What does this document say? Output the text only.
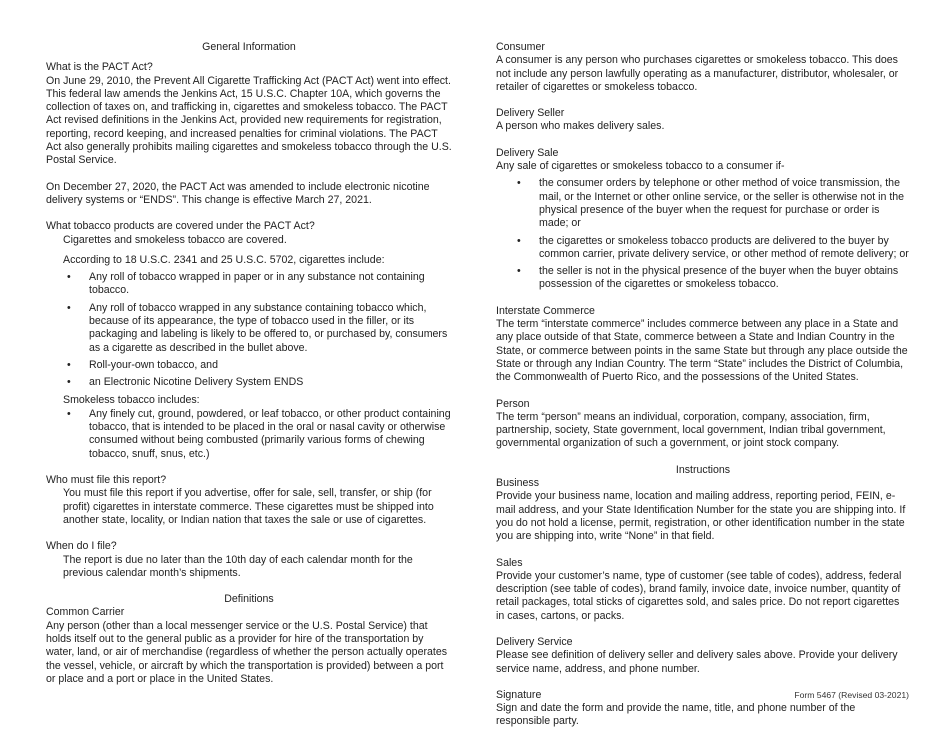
General Information
What is the PACT Act?
On June 29, 2010, the Prevent All Cigarette Trafficking Act (PACT Act) went into effect. This federal law amends the Jenkins Act, 15 U.S.C. Chapter 10A, which governs the collection of taxes on, and trafficking in, cigarettes and smokeless tobacco. The PACT Act revised definitions in the Jenkins Act, provided new requirements for registration, reporting, record keeping, and increased penalties for criminal violations. The PACT Act also generally prohibits mailing cigarettes and smokeless tobacco through the U.S. Postal Service.
On December 27, 2020, the PACT Act was amended to include electronic nicotine delivery systems or “ENDS”. This change is effective March 27, 2021.
What tobacco products are covered under the PACT Act?
Cigarettes and smokeless tobacco are covered.
According to 18 U.S.C. 2341 and 25 U.S.C. 5702, cigarettes include:
• Any roll of tobacco wrapped in paper or in any substance not containing tobacco.
• Any roll of tobacco wrapped in any substance containing tobacco which, because of its appearance, the type of tobacco used in the filler, or its packaging and labeling is likely to be offered to, or purchased by, consumers as a cigarette as described in the bullet above.
• Roll-your-own tobacco, and
• an Electronic Nicotine Delivery System ENDS
Smokeless tobacco includes:
• Any finely cut, ground, powdered, or leaf tobacco, or other product containing tobacco, that is intended to be placed in the oral or nasal cavity or otherwise consumed without being combusted (primarily various forms of chewing tobacco, snuff, snus, etc.)
Who must file this report?
You must file this report if you advertise, offer for sale, sell, transfer, or ship (for profit) cigarettes in interstate commerce. These cigarettes must be shipped into another state, locality, or Indian nation that taxes the sale or use of cigarettes.
When do I file?
The report is due no later than the 10th day of each calendar month for the previous calendar month’s shipments.
Definitions
Common Carrier
Any person (other than a local messenger service or the U.S. Postal Service) that holds itself out to the general public as a provider for hire of the transportation by water, land, or air of merchandise (regardless of whether the person actually operates the vessel, vehicle, or aircraft by which the transportation is provided) between a port or place and a port or place in the United States.
Consumer
A consumer is any person who purchases cigarettes or smokeless tobacco. This does not include any person lawfully operating as a manufacturer, distributor, wholesaler, or retailer of cigarettes or smokeless tobacco.
Delivery Seller
A person who makes delivery sales.
Delivery Sale
Any sale of cigarettes or smokeless tobacco to a consumer if-
• the consumer orders by telephone or other method of voice transmission, the mail, or the Internet or other online service, or the seller is otherwise not in the physical presence of the buyer when the request for purchase or order is made; or
• the cigarettes or smokeless tobacco products are delivered to the buyer by common carrier, private delivery service, or other method of remote delivery; or
• the seller is not in the physical presence of the buyer when the buyer obtains possession of the cigarettes or smokeless tobacco.
Interstate Commerce
The term “interstate commerce” includes commerce between any place in a State and any place outside of that State, commerce between a State and Indian Country in the State, or commerce between points in the same State but through any place outside the State or through any Indian Country. The term “State” includes the District of Columbia, the Commonwealth of Puerto Rico, and the possessions of the United States.
Person
The term “person” means an individual, corporation, company, association, firm, partnership, society, State government, local government, Indian tribal government, governmental organization of such a government, or joint stock company.
Instructions
Business
Provide your business name, location and mailing address, reporting period, FEIN, e-mail address, and your State Identification Number for the state you are shipping into. If you do not hold a license, permit, registration, or other identification number in the state you are shipping into, write “None” in that field.
Sales
Provide your customer’s name, type of customer (see table of codes), address, federal description (see table of codes), brand family, invoice date, invoice number, quantity of retail packages, total sticks of cigarettes sold, and sales price. Do not report cigarettes in cases, cartons, or packs.
Delivery Service
Please see definition of delivery seller and delivery sales above. Provide your delivery service name, address, and phone number.
Signature
Sign and date the form and provide the name, title, and phone number of the responsible party.
Form 5467 (Revised 03-2021)
